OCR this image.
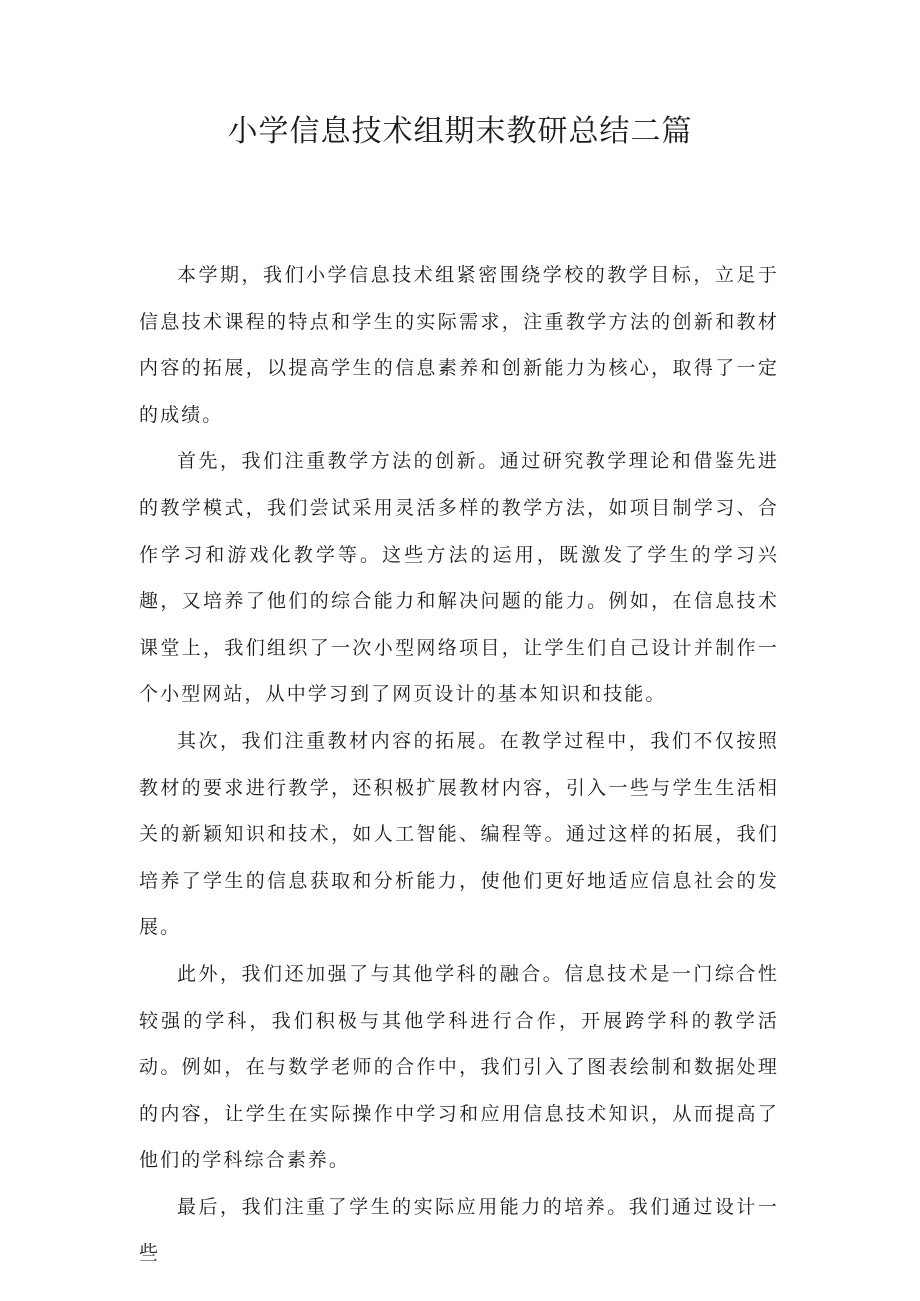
小学信息技术组期末教研总结二篇

本学期，我们小学信息技术组紧密围绕学校的教学目标，立足于信息技术课程的特点和学生的实际需求，注重教学方法的创新和教材内容的拓展，以提高学生的信息素养和创新能力为核心，取得了一定的成绩。

首先，我们注重教学方法的创新。通过研究教学理论和借鉴先进的教学模式，我们尝试采用灵活多样的教学方法，如项目制学习、合作学习和游戏化教学等。这些方法的运用，既激发了学生的学习兴趣，又培养了他们的综合能力和解决问题的能力。例如，在信息技术课堂上，我们组织了一次小型网络项目，让学生们自己设计并制作一个小型网站，从中学习到了网页设计的基本知识和技能。

其次，我们注重教材内容的拓展。在教学过程中，我们不仅按照教材的要求进行教学，还积极扩展教材内容，引入一些与学生生活相关的新颖知识和技术，如人工智能、编程等。通过这样的拓展，我们培养了学生的信息获取和分析能力，使他们更好地适应信息社会的发展。

此外，我们还加强了与其他学科的融合。信息技术是一门综合性较强的学科，我们积极与其他学科进行合作，开展跨学科的教学活动。例如，在与数学老师的合作中，我们引入了图表绘制和数据处理的内容，让学生在实际操作中学习和应用信息技术知识，从而提高了他们的学科综合素养。

最后，我们注重了学生的实际应用能力的培养。我们通过设计一些
